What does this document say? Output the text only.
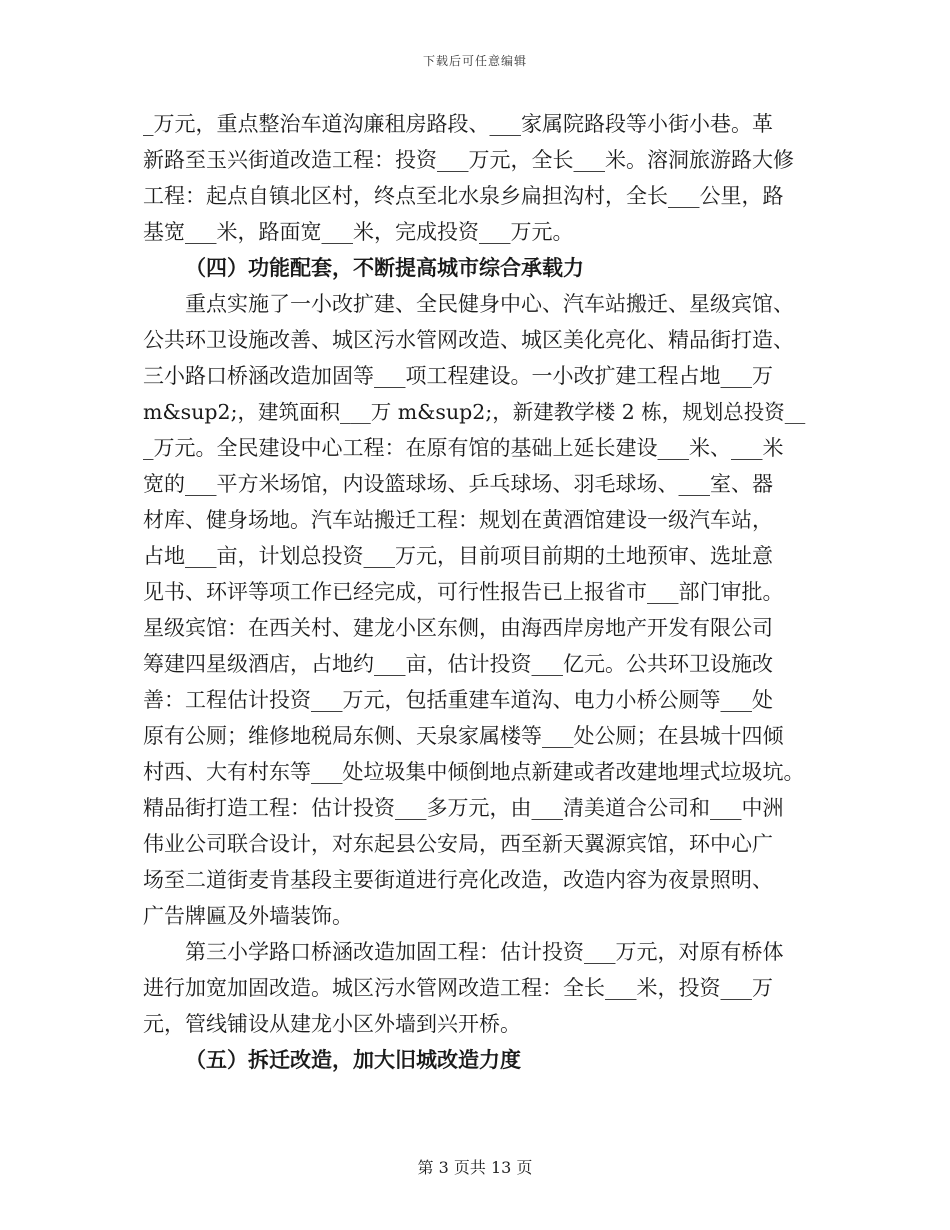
下载后可任意编辑
_万元，重点整治车道沟廉租房路段、___家属院路段等小街小巷。革
新路至玉兴街道改造工程：投资___万元，全长___米。溶洞旅游路大修
工程：起点自镇北区村，终点至北水泉乡扁担沟村，全长___公里，路
基宽___米，路面宽___米，完成投资___万元。
（四）功能配套，不断提高城市综合承载力
重点实施了一小改扩建、全民健身中心、汽车站搬迁、星级宾馆、
公共环卫设施改善、城区污水管网改造、城区美化亮化、精品街打造、
三小路口桥涵改造加固等___项工程建设。一小改扩建工程占地___万
m&sup2;，建筑面积___万 m&sup2;，新建教学楼 2 栋，规划总投资__
_万元。全民建设中心工程：在原有馆的基础上延长建设___米、___米
宽的___平方米场馆，内设篮球场、乒乓球场、羽毛球场、___室、器
材库、健身场地。汽车站搬迁工程：规划在黄酒馆建设一级汽车站，
占地___亩，计划总投资___万元，目前项目前期的土地预审、选址意
见书、环评等项工作已经完成，可行性报告已上报省市___部门审批。
星级宾馆：在西关村、建龙小区东侧，由海西岸房地产开发有限公司
筹建四星级酒店，占地约___亩，估计投资___亿元。公共环卫设施改
善：工程估计投资___万元，包括重建车道沟、电力小桥公厕等___处
原有公厕；维修地税局东侧、天泉家属楼等___处公厕；在县城十四倾
村西、大有村东等___处垃圾集中倾倒地点新建或者改建地埋式垃圾坑。
精品街打造工程：估计投资___多万元，由___清美道合公司和___中洲
伟业公司联合设计，对东起县公安局，西至新天翼源宾馆，环中心广
场至二道街麦肯基段主要街道进行亮化改造，改造内容为夜景照明、
广告牌匾及外墙装饰。
第三小学路口桥涵改造加固工程：估计投资___万元，对原有桥体
进行加宽加固改造。城区污水管网改造工程：全长___米，投资___万
元，管线铺设从建龙小区外墙到兴开桥。
（五）拆迁改造，加大旧城改造力度
第 3 页共 13 页
